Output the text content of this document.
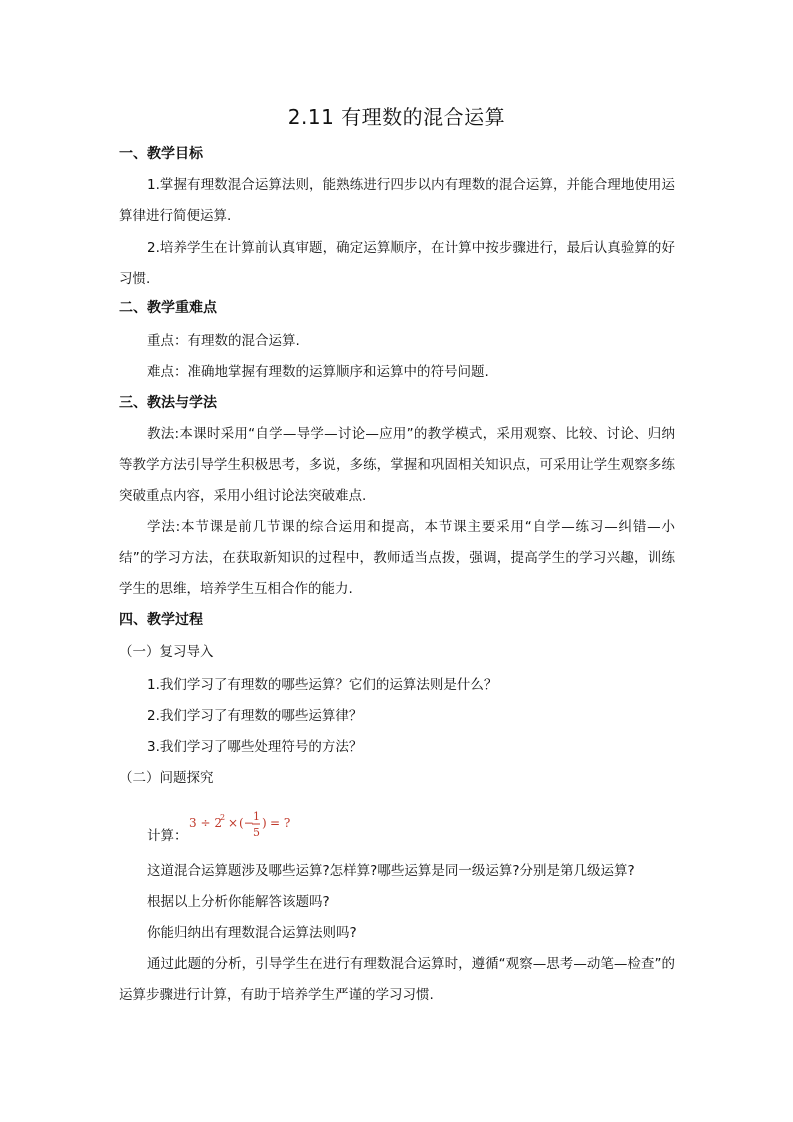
2.11 有理数的混合运算
一、教学目标
1.掌握有理数混合运算法则，能熟练进行四步以内有理数的混合运算，并能合理地使用运算律进行简便运算.
2.培养学生在计算前认真审题，确定运算顺序，在计算中按步骤进行，最后认真验算的好习惯.
二、教学重难点
重点：有理数的混合运算.
难点：准确地掌握有理数的运算顺序和运算中的符号问题.
三、教法与学法
教法:本课时采用“自学—导学—讨论—应用”的教学模式，采用观察、比较、讨论、归纳等教学方法引导学生积极思考，多说，多练，掌握和巩固相关知识点，可采用让学生观察多练突破重点内容，采用小组讨论法突破难点.
学法:本节课是前几节课的综合运用和提高，本节课主要采用“自学—练习—纠错—小结”的学习方法，在获取新知识的过程中，教师适当点拨，强调，提高学生的学习兴趣，训练学生的思维，培养学生互相合作的能力.
四、教学过程
（一）复习导入
1.我们学习了有理数的哪些运算？它们的运算法则是什么？
2.我们学习了有理数的哪些运算律？
3.我们学习了哪些处理符号的方法？
（二）问题探究
计算：
3 ÷ 2
2 × (− 1
5
) = ?
这道混合运算题涉及哪些运算?怎样算?哪些运算是同一级运算?分别是第几级运算?
根据以上分析你能解答该题吗?
你能归纳出有理数混合运算法则吗?
通过此题的分析，引导学生在进行有理数混合运算时，遵循“观察—思考—动笔—检查”的运算步骤进行计算，有助于培养学生严谨的学习习惯.
